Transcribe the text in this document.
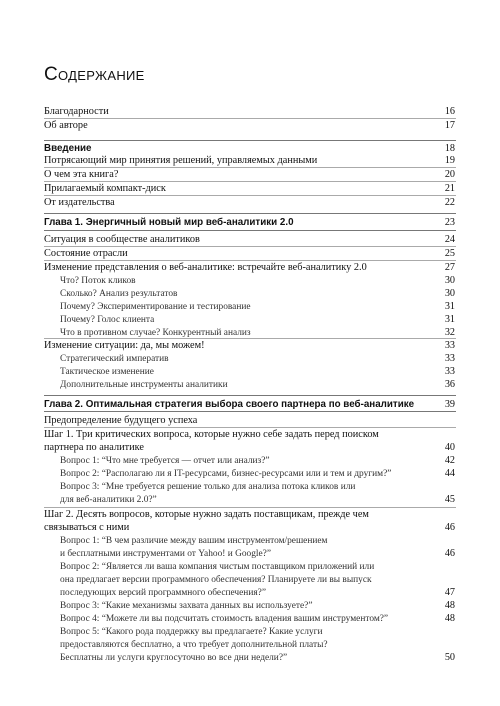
Содержание
Благодарности	16
Об авторе	17
Введение	18
Потрясающий мир принятия решений, управляемых данными	19
О чем эта книга?	20
Прилагаемый компакт-диск	21
От издательства	22
Глава 1. Энергичный новый мир веб-аналитики 2.0	23
Ситуация в сообществе аналитиков	24
Состояние отрасли	25
Изменение представления о веб-аналитике: встречайте веб-аналитику 2.0	27
Что? Поток кликов	30
Сколько? Анализ результатов	30
Почему? Экспериментирование и тестирование	31
Почему? Голос клиента	31
Что в противном случае? Конкурентный анализ	32
Изменение ситуации: да, мы можем!	33
Стратегический императив	33
Тактическое изменение	33
Дополнительные инструменты аналитики	36
Глава 2. Оптимальная стратегия выбора своего партнера по веб-аналитике	39
Предопределение будущего успеха
Шаг 1. Три критических вопроса, которые нужно себе задать перед поиском
партнера по аналитике	40
Вопрос 1: “Что мне требуется — отчет или анализ?”	42
Вопрос 2: “Располагаю ли я IT-ресурсами, бизнес-ресурсами или и тем и другим?”	44
Вопрос 3: “Мне требуется решение только для анализа потока кликов или
для веб-аналитики 2.0?”	45
Шаг 2. Десять вопросов, которые нужно задать поставщикам, прежде чем
связываться с ними	46
Вопрос 1: “В чем различие между вашим инструментом/решением
и бесплатными инструментами от Yahoo! и Google?”	46
Вопрос 2: “Является ли ваша компания чистым поставщиком приложений или
она предлагает версии программного обеспечения? Планируете ли вы выпуск
последующих версий программного обеспечения?”	47
Вопрос 3: “Какие механизмы захвата данных вы используете?”	48
Вопрос 4: “Можете ли вы подсчитать стоимость владения вашим инструментом?”	48
Вопрос 5: “Какого рода поддержку вы предлагаете? Какие услуги
предоставляются бесплатно, а что требует дополнительной платы?
Бесплатны ли услуги круглосуточно во все дни недели?”	50
